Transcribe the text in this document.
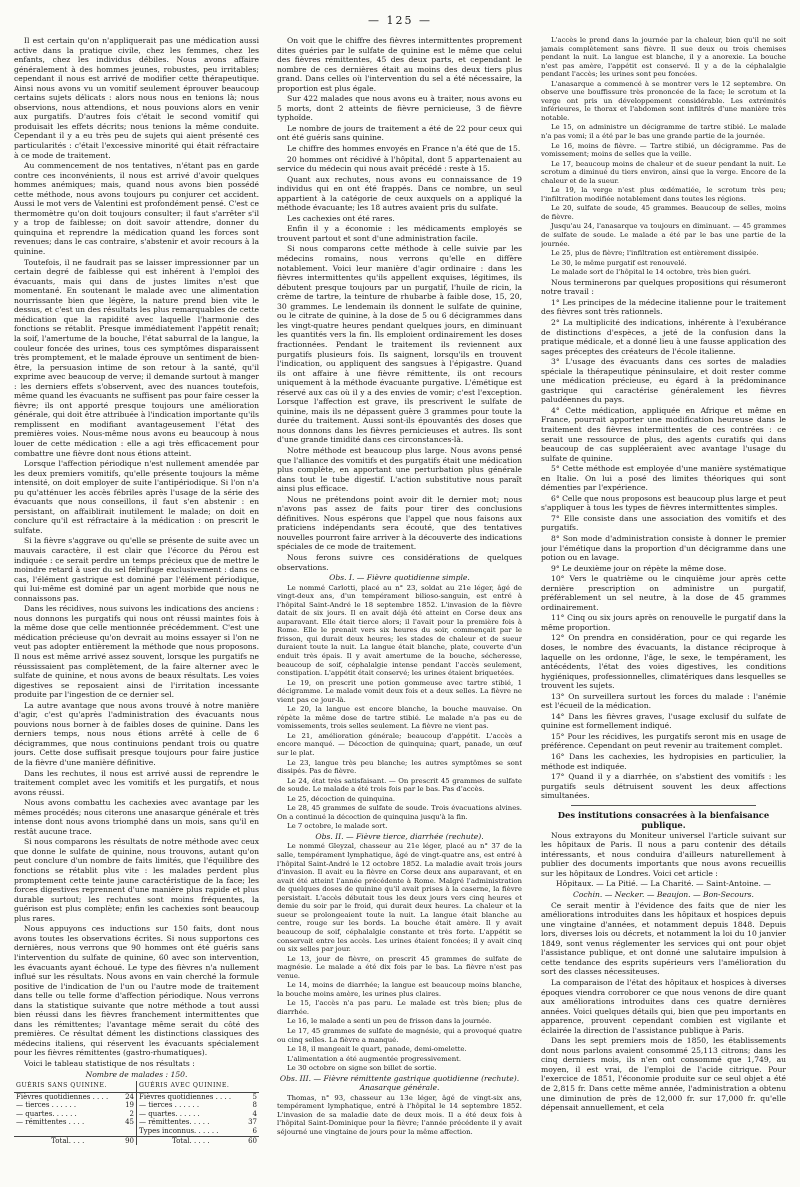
— 125 —

Il est certain qu'on n'appliquerait pas une médication aussi active dans la pratique civile, chez les femmes, chez les enfants, chez les individus débiles. Nous avons affaire généralement à des hommes jeunes, robustes, peu irritables; cependant il nous est arrivé de modifier cette thérapeutique. Ainsi nous avons vu un vomitif seulement éprouver beaucoup certains sujets délicats : alors nous nous en tenions là; nous observions, nous attendions, et nous pouvions alors en venir aux purgatifs. D'autres fois c'était le second vomitif qui produisait les effets décrits; nous tenions la même conduite. Cependant il y a eu très peu de sujets qui aient présenté ces particularités : c'était l'excessive minorité qui était réfractaire à ce mode de traitement.

Au commencement de nos tentatives, n'étant pas en garde contre ces inconvénients, il nous est arrivé d'avoir quelques hommes anémiques; mais, quand nous avons bien possédé cette méthode, nous avons toujours pu conjurer cet accident. Aussi le mot vers de Valentini est profondément pensé. C'est ce thermomètre qu'on doit toujours consulter; il faut s'arrêter s'il y a trop de faiblesse; on doit savoir attendre, donner du quinquina et reprendre la médication quand les forces sont revenues; dans le cas contraire, s'abstenir et avoir recours à la quinine.

Toutefois, il ne faudrait pas se laisser impressionner par un certain degré de faiblesse qui est inhérent à l'emploi des évacuants, mais qui dans de justes limites n'est que momentané. En soutenant le malade avec une alimentation nourrissante bien que légère, la nature prend bien vite le dessus, et c'est un des résultats les plus remarquables de cette médication que la rapidité avec laquelle l'harmonie des fonctions se rétablit. Presque immédiatement l'appétit renaît; la soif, l'amertume de la bouche, l'état saburral de la langue, la couleur foncée des urines, tous ces symptômes disparaissent très promptement, et le malade éprouve un sentiment de bien-être, la persuasion intime de son retour à la santé, qu'il exprime avec beaucoup de verve; il demande surtout à manger : les derniers effets s'observent, avec des nuances toutefois, même quand les évacuants ne suffisent pas pour faire cesser la fièvre; ils ont apporté presque toujours une amélioration générale, qui doit être attribuée à l'indication importante qu'ils remplissent en modifiant avantageusement l'état des premières voies. Nous-même nous avons eu beaucoup à nous louer de cette médication : elle a agi très efficacement pour combattre une fièvre dont nous étions atteint.

Lorsque l'affection périodique n'est nullement amendée par les deux premiers vomitifs, qu'elle présente toujours la même intensité, on doit employer de suite l'antipériodique. Si l'on n'a pu qu'atténuer les accès fébriles après l'usage de la série des évacuants que nous conseillons, il faut s'en abstenir : en persistant, on affaiblirait inutilement le malade; on doit en conclure qu'il est réfractaire à la médication : on prescrit le sulfate.

Si la fièvre s'aggrave ou qu'elle se présente de suite avec un mauvais caractère, il est clair que l'écorce du Pérou est indiquée : ce serait perdre un temps précieux que de mettre le moindre retard à user du sel fébrifuge exclusivement : dans ce cas, l'élément gastrique est dominé par l'élément périodique, qui lui-même est dominé par un agent morbide que nous ne connaissons pas.

Dans les récidives, nous suivons les indications des anciens : nous donnons les purgatifs qui nous ont réussi maintes fois à la même dose que celle mentionnée précédemment. C'est une médication précieuse qu'on devrait au moins essayer si l'on ne veut pas adopter entièrement la méthode que nous proposons. Il nous est même arrivé assez souvent, lorsque les purgatifs ne réussissaient pas complètement, de la faire alterner avec le sulfate de quinine, et nous avons de beaux résultats. Les voies digestives se reposaient ainsi de l'irritation incessante produite par l'ingestion de ce dernier sel.

La autre avantage que nous avons trouvé à notre manière d'agir, c'est qu'après l'administration des évacuants nous pouvions nous borner à de faibles doses de quinine. Dans les derniers temps, nous nous étions arrêté à celle de 6 décigrammes, que nous continuions pendant trois ou quatre jours. Cette dose suffisait presque toujours pour faire justice de la fièvre d'une manière définitive.

Dans les rechutes, il nous est arrivé aussi de reprendre le traitement complet avec les vomitifs et les purgatifs, et nous avons réussi.

Nous avons combattu les cachexies avec avantage par les mêmes procédés; nous citerons une anasarque générale et très intense dont nous avons triomphé dans un mois, sans qu'il en restât aucune trace.

Si nous comparons les résultats de notre méthode avec ceux que donne le sulfate de quinine, nous trouvons, autant qu'on peut conclure d'un nombre de faits limités, que l'équilibre des fonctions se rétablit plus vite : les malades perdent plus promptement cette teinte jaune caractéristique de la face; les forces digestives reprennent d'une manière plus rapide et plus durable surtout; les rechutes sont moins fréquentes, la guérison est plus complète; enfin les cachexies sont beaucoup plus rares.

Nous appuyons ces inductions sur 150 faits, dont nous avons toutes les observations écrites. Si nous supportons ces dernières, nous verrons que 90 hommes ont été guéris sans l'intervention du sulfate de quinine, 60 avec son intervention, les évacuants ayant échoué. Le type des fièvres n'a nullement influé sur les résultats. Nous avons en vain cherché la formule positive de l'indication de l'un ou l'autre mode de traitement dans telle ou telle forme d'affection périodique. Nous verrons dans la statistique suivante que notre méthode a tout aussi bien réussi dans les fièvres franchement intermittentes que dans les rémittentes; l'avantage même serait du côté des premières. Ce résultat dément les distinctions classiques des médecins italiens, qui réservent les évacuants spécialement pour les fièvres rémittentes (gastro-rhumatiques).

Voici le tableau statistique de nos résultats :

Nombre de malades : 150.

GUÉRIS SANS QUININE.		GUÉRIS AVEC QUININE.	
Fièvres quotidiennes . . . .	24	Fièvres quotidiennes . . . .	5
— tierces . . . . . .	19	— tierces . . . . . .	8
— quartes. . . . . .	2	— quartes. . . . . .	4
— rémittentes . . . .	45	— rémittentes. . . . .	37
		Types inconnus. . . . . .	6
Total. . . .	90	Total. . . . .	60

On voit que le chiffre des fièvres intermittentes proprement dites guéries par le sulfate de quinine est le même que celui des fièvres rémittentes, 45 des deux parts, et cependant le nombre de ces dernières était au moins des deux tiers plus grand. Dans celles où l'intervention du sel a été nécessaire, la proportion est plus égale.

Sur 422 malades que nous avons eu à traiter, nous avons eu 5 morts, dont 2 atteints de fièvre pernicieuse, 3 de fièvre typhoïde.

Le nombre de jours de traitement a été de 22 pour ceux qui ont été guéris sans quinine.

Le chiffre des hommes envoyés en France n'a été que de 15.

20 hommes ont récidivé à l'hôpital, dont 5 appartenaient au service du médecin qui nous avait précédé : reste à 15.

Quant aux rechutes, nous avons eu connaissance de 19 individus qui en ont été frappés. Dans ce nombre, un seul appartient à la catégorie de ceux auxquels on a appliqué la méthode évacuante; les 18 autres avaient pris du sulfate.

Les cachexies ont été rares.

Enfin il y a économie : les médicaments employés se trouvent partout et sont d'une administration facile.

Si nous comparons cette méthode à celle suivie par les médecins romains, nous verrons qu'elle en diffère notablement. Voici leur manière d'agir ordinaire : dans les fièvres intermittentes qu'ils appellent exquises, légitimes, ils débutent presque toujours par un purgatif, l'huile de ricin, la crème de tartre, la teinture de rhubarbe à faible dose, 15, 20, 30 grammes. Le lendemain ils donnent le sulfate de quinine, ou le citrate de quinine, à la dose de 5 ou 6 décigrammes dans les vingt-quatre heures pendant quelques jours, en diminuant les quantités vers la fin. Ils emploient ordinairement les doses fractionnées. Pendant le traitement ils reviennent aux purgatifs plusieurs fois. Ils saignent, lorsqu'ils en trouvent l'indication, ou appliquent des sangsues à l'épigastre. Quand ils ont affaire à une fièvre rémittente, ils ont recours uniquement à la méthode évacuante purgative. L'émétique est réservé aux cas où il y a des envies de vomir; c'est l'exception. Lorsque l'affection est grave, ils prescrivent le sulfate de quinine, mais ils ne dépassent guère 3 grammes pour toute la durée du traitement. Aussi sont-ils épouvantés des doses que nous donnons dans les fièvres pernicieuses et autres. Ils sont d'une grande timidité dans ces circonstances-là.

Notre méthode est beaucoup plus large. Nous avons pensé que l'alliance des vomitifs et des purgatifs était une médication plus complète, en apportant une perturbation plus générale dans tout le tube digestif. L'action substitutive nous paraît ainsi plus efficace.

Nous ne prétendons point avoir dit le dernier mot; nous n'avons pas assez de faits pour tirer des conclusions définitives. Nous espérons que l'appel que nous faisons aux praticiens indépendants sera écouté, que des tentatives nouvelles pourront faire arriver à la découverte des indications spéciales de ce mode de traitement.

Nous ferons suivre ces considérations de quelques observations.

Obs. I. — Fièvre quotidienne simple.

Le nommé Carlotti, placé au n° 23, soldat au 21e léger, âgé de vingt-deux ans, d'un tempérament bilioso-sanguin, est entré à l'hôpital Saint-André le 18 septembre 1852. L'invasion de la fièvre datait de six jours. Il en avait déjà été atteint en Corse deux ans auparavant. Elle était tierce alors; il l'avait pour la première fois à Rome. Elle le prenait vers six heures du soir, commençait par le frisson, qui durait deux heures; les stades de chaleur et de sueur duraient toute la nuit. La langue était blanche, plate, couverte d'un enduit très épais. Il y avait amertume de la bouche, sécheresse, beaucoup de soif, céphalalgie intense pendant l'accès seulement, constipation. L'appétit était conservé; les urines étaient briquetées.

Le 19, on prescrit une potion gommeuse avec tartre stibié, 1 décigramme. Le malade vomit deux fois et a deux selles. La fièvre ne vient pas ce jour-là.

Le 20, la langue est encore blanche, la bouche mauvaise. On répète la même dose de tartre stibié. Le malade n'a pas eu de vomissements, trois selles seulement. La fièvre ne vient pas.

Le 21, amélioration générale; beaucoup d'appétit. L'accès a encore manqué. — Décoction de quinquina; quart, panade, un œuf sur le plat.

Le 23, langue très peu blanche; les autres symptômes se sont dissipés. Pas de fièvre.

Le 24, état très satisfaisant. — On prescrit 45 grammes de sulfate de soude. Le malade a été trois fois par le bas. Pas d'accès.

Le 25, décoction de quinquina.

Le 28, 45 grammes de sulfate de soude. Trois évacuations alvines. On a continué la décoction de quinquina jusqu'à la fin.

Le 7 octobre, le malade sort.

Obs. II. — Fièvre tierce, diarrhée (rechute).

Le nommé Gleyzal, chasseur au 21e léger, placé au n° 37 de la salle, tempérament lymphatique, âgé de vingt-quatre ans, est entré à l'hôpital Saint-André le 12 octobre 1852. La maladie avait trois jours d'invasion. Il avait eu la fièvre en Corse deux ans auparavant, et en avait été atteint l'année précédente à Rome. Malgré l'administration de quelques doses de quinine qu'il avait prises à la caserne, la fièvre persistait. L'accès débutait tous les deux jours vers cinq heures et demie du soir par le froid, qui durait deux heures. La chaleur et la sueur se prolongeaient toute la nuit. La langue était blanche au centre, rouge sur les bords. La bouche était amère. Il y avait beaucoup de soif, céphalalgie constante et très forte. L'appétit se conservait entre les accès. Les urines étaient foncées; il y avait cinq ou six selles par jour.

Le 13, jour de fièvre, on prescrit 45 grammes de sulfate de magnésie. Le malade a été dix fois par le bas. La fièvre n'est pas venue.

Le 14, moins de diarrhée; la langue est beaucoup moins blanche, la bouche moins amère, les urines plus claires.

Le 15, l'accès n'a pas paru. Le malade est très bien; plus de diarrhée.

Le 16, le malade a senti un peu de frisson dans la journée.

Le 17, 45 grammes de sulfate de magnésie, qui a provoqué quatre ou cinq selles. La fièvre a manqué.

Le 18, il mangeait le quart, panade, demi-omelette.

L'alimentation a été augmentée progressivement.

Le 30 octobre on signe son billet de sortie.

Obs. III. — Fièvre rémittente gastrique quotidienne (rechute). Anasarque générale.

Thomas, n° 93, chasseur au 13e léger, âgé de vingt-six ans, tempérament lymphatique, entré à l'hôpital le 14 septembre 1852. L'invasion de sa maladie date de deux mois. Il a été deux fois à l'hôpital Saint-Dominique pour la fièvre; l'année précédente il y avait séjourné une vingtaine de jours pour la même affection.

L'accès le prend dans la journée par la chaleur, bien qu'il ne soit jamais complètement sans fièvre. Il sue deux ou trois chemises pendant la nuit. La langue est blanche, il y a anorexie. La bouche n'est pas amère, l'appétit est conservé. Il y a de la céphalalgie pendant l'accès; les urines sont peu foncées.

L'anasarque a commencé à se montrer vers le 12 septembre. On observe une bouffissure très prononcée de la face; le scrotum et la verge ont pris un développement considérable. Les extrémités inférieures, le thorax et l'abdomen sont infiltrés d'une manière très notable.

Le 15, on administre un décigramme de tartre stibié. Le malade n'a pas vomi; il a été par le bas une grande partie de la journée.

Le 16, moins de fièvre. — Tartre stibié, un décigramme. Pas de vomissement; moins de selles que la veille.

Le 17, beaucoup moins de chaleur et de sueur pendant la nuit. Le scrotum a diminué du tiers environ, ainsi que la verge. Encore de la chaleur et de la sueur.

Le 19, la verge n'est plus œdématiée, le scrotum très peu; l'infiltration modifiée notablement dans toutes les régions.

Le 20, sulfate de soude, 45 grammes. Beaucoup de selles, moins de fièvre.

Jusqu'au 24, l'anasarque va toujours en diminuant. — 45 grammes de sulfate de soude. Le malade a été par le bas une partie de la journée.

Le 25, plus de fièvre; l'infiltration est entièrement dissipée.

Le 30, le même purgatif est renouvelé.

Le malade sort de l'hôpital le 14 octobre, très bien guéri.

Nous terminerons par quelques propositions qui résumeront notre travail :

1° Les principes de la médecine italienne pour le traitement des fièvres sont très rationnels.

2° La multiplicité des indications, inhérente à l'exubérance de distinctions d'espèces, a jeté de la confusion dans la pratique médicale, et a donné lieu à une fausse application des sages préceptes des créateurs de l'école italienne.

3° L'usage des évacuants dans ces sortes de maladies spéciale la thérapeutique péninsulaire, et doit rester comme une médication précieuse, eu égard à la prédominance gastrique qui caractérise généralement les fièvres paludéennes du pays.

4° Cette médication, appliquée en Afrique et même en France, pourrait apporter une modification heureuse dans le traitement des fièvres intermittentes de ces contrées : ce serait une ressource de plus, des agents curatifs qui dans beaucoup de cas suppléeraient avec avantage l'usage du sulfate de quinine.

5° Cette méthode est employée d'une manière systématique en Italie. On lui a posé des limites théoriques qui sont démenties par l'expérience.

6° Celle que nous proposons est beaucoup plus large et peut s'appliquer à tous les types de fièvres intermittentes simples.

7° Elle consiste dans une association des vomitifs et des purgatifs.

8° Son mode d'administration consiste à donner le premier jour l'émétique dans la proportion d'un décigramme dans une potion ou en lavage.

9° Le deuxième jour on répète la même dose.

10° Vers le quatrième ou le cinquième jour après cette dernière prescription on administre un purgatif, préférablement un sel neutre, à la dose de 45 grammes ordinairement.

11° Cinq ou six jours après on renouvelle le purgatif dans la même proportion.

12° On prendra en considération, pour ce qui regarde les doses, le nombre des évacuants, la distance réciproque à laquelle on les ordonne, l'âge, le sexe, le tempérament, les antécédents, l'état des voies digestives, les conditions hygiéniques, professionnelles, climatériques dans lesquelles se trouvent les sujets.

13° On surveillera surtout les forces du malade : l'anémie est l'écueil de la médication.

14° Dans les fièvres graves, l'usage exclusif du sulfate de quinine est formellement indiqué.

15° Pour les récidives, les purgatifs seront mis en usage de préférence. Cependant on peut revenir au traitement complet.

16° Dans les cachexies, les hydropisies en particulier, la méthode est indiquée.

17° Quand il y a diarrhée, on s'abstient des vomitifs : les purgatifs seuls détruisent souvent les deux affections simultanées.

Des institutions consacrées à la bienfaisance publique.

Nous extrayons du Moniteur universel l'article suivant sur les hôpitaux de Paris. Il nous a paru contenir des détails intéressants, et nous conduira d'ailleurs naturellement à publier des documents importants que nous avons recueillis sur les hôpitaux de Londres. Voici cet article :

Hôpitaux. — La Pitié. — La Charité. — Saint-Antoine. —

Cochin. — Necker. — Beaujon. — Bon-Secours.

Ce serait mentir à l'évidence des faits que de nier les améliorations introduites dans les hôpitaux et hospices depuis une vingtaine d'années, et notamment depuis 1848. Depuis lors, diverses lois ou décrets, et notamment la loi du 10 janvier 1849, sont venus réglementer les services qui ont pour objet l'assistance publique, et ont donné une salutaire impulsion à cette tendance des esprits supérieurs vers l'amélioration du sort des classes nécessiteuses.

La comparaison de l'état des hôpitaux et hospices à diverses époques viendra corroborer ce que nous venons de dire quant aux améliorations introduites dans ces quatre dernières années. Voici quelques détails qui, bien que peu importants en apparence, prouvent cependant combien est vigilante et éclairée la direction de l'assistance publique à Paris.

Dans les sept premiers mois de 1850, les établissements dont nous parlons avaient consommé 25,113 citrons; dans les cinq derniers mois, ils n'en ont consommé que 1,749, au moyen, il est vrai, de l'emploi de l'acide citrique. Pour l'exercice de 1851, l'économie produite sur ce seul objet a été de 2,815 fr. Dans cette même année, l'administration a obtenu une diminution de près de 12,000 fr. sur 17,000 fr. qu'elle dépensait annuellement, et cela
